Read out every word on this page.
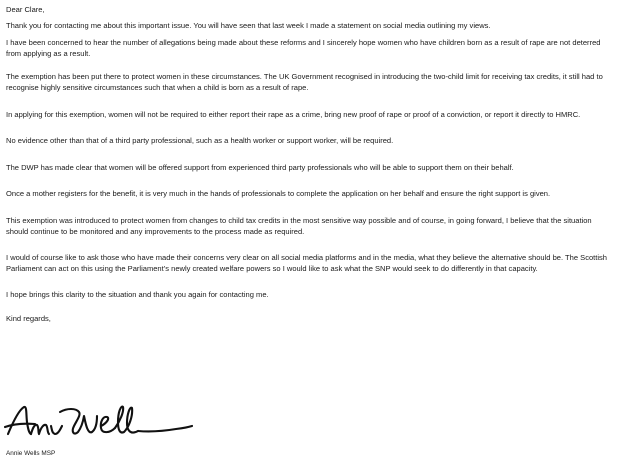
Dear Clare,

Thank you for contacting me about this important issue. You will have seen that last week I made a statement on social media outlining my views.

I have been concerned to hear the number of allegations being made about these reforms and I sincerely hope women who have children born as a result of rape are not deterred from applying as a result.

The exemption has been put there to protect women in these circumstances. The UK Government recognised in introducing the two-child limit for receiving tax credits, it still had to recognise highly sensitive circumstances such that when a child is born as a result of rape.

In applying for this exemption, women will not be required to either report their rape as a crime, bring new proof of rape or proof of a conviction, or report it directly to HMRC.

No evidence other than that of a third party professional, such as a health worker or support worker, will be required.

The DWP has made clear that women will be offered support from experienced third party professionals who will be able to support them on their behalf.

Once a mother registers for the benefit, it is very much in the hands of professionals to complete the application on her behalf and ensure the right support is given.

This exemption was introduced to protect women from changes to child tax credits in the most sensitive way possible and of course, in going forward, I believe that the situation should continue to be monitored and any improvements to the process made as required.

I would of course like to ask those who have made their concerns very clear on all social media platforms and in the media, what they believe the alternative should be. The Scottish Parliament can act on this using the Parliament’s newly created welfare powers so I would like to ask what the SNP would seek to do differently in that capacity.

I hope brings this clarity to the situation and thank you again for contacting me.

Kind regards,

Annie Wells MSP
